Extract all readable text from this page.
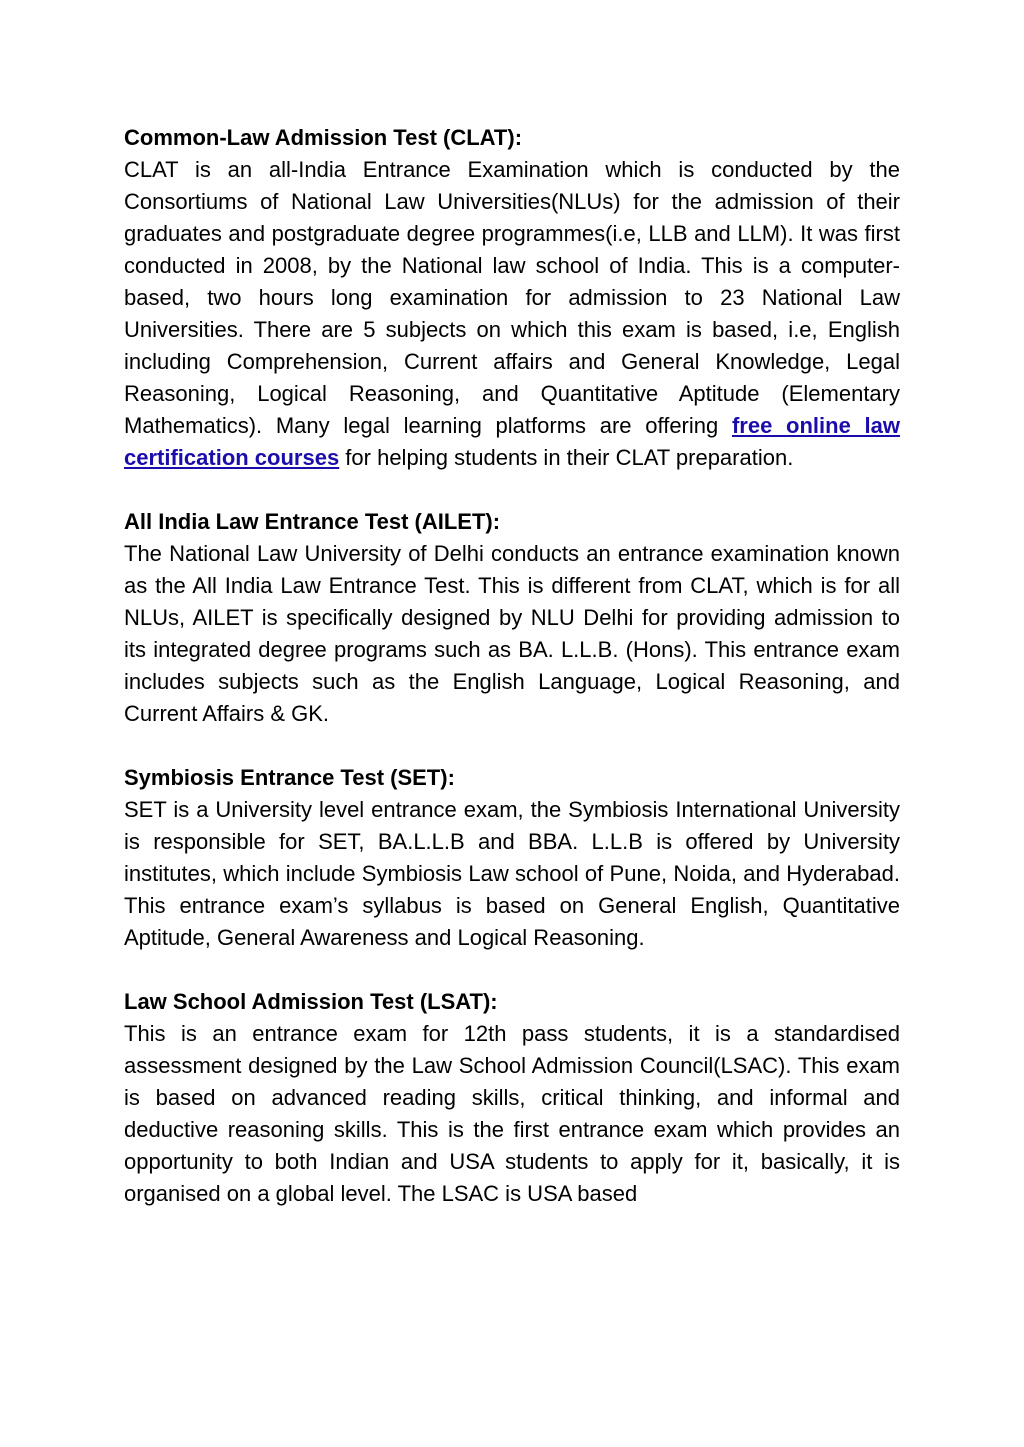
Common-Law Admission Test (CLAT):

CLAT is an all-India Entrance Examination which is conducted by the Consortiums of National Law Universities(NLUs) for the admission of their graduates and postgraduate degree programmes(i.e, LLB and LLM). It was first conducted in 2008, by the National law school of India. This is a computer-based, two hours long examination for admission to 23 National Law Universities. There are 5 subjects on which this exam is based, i.e, English including Comprehension, Current affairs and General Knowledge, Legal Reasoning, Logical Reasoning, and Quantitative Aptitude (Elementary Mathematics). Many legal learning platforms are offering free online law certification courses for helping students in their CLAT preparation.

All India Law Entrance Test (AILET):

The National Law University of Delhi conducts an entrance examination known as the All India Law Entrance Test. This is different from CLAT, which is for all NLUs, AILET is specifically designed by NLU Delhi for providing admission to its integrated degree programs such as BA. L.L.B. (Hons). This entrance exam includes subjects such as the English Language, Logical Reasoning, and Current Affairs & GK.

Symbiosis Entrance Test (SET):

SET is a University level entrance exam, the Symbiosis International University is responsible for SET, BA.L.L.B and BBA. L.L.B is offered by University institutes, which include Symbiosis Law school of Pune, Noida, and Hyderabad. This entrance exam’s syllabus is based on General English, Quantitative Aptitude, General Awareness and Logical Reasoning.

Law School Admission Test (LSAT):

This is an entrance exam for 12th pass students, it is a standardised assessment designed by the Law School Admission Council(LSAC). This exam is based on advanced reading skills, critical thinking, and informal and deductive reasoning skills. This is the first entrance exam which provides an opportunity to both Indian and USA students to apply for it, basically, it is organised on a global level. The LSAC is USA based
